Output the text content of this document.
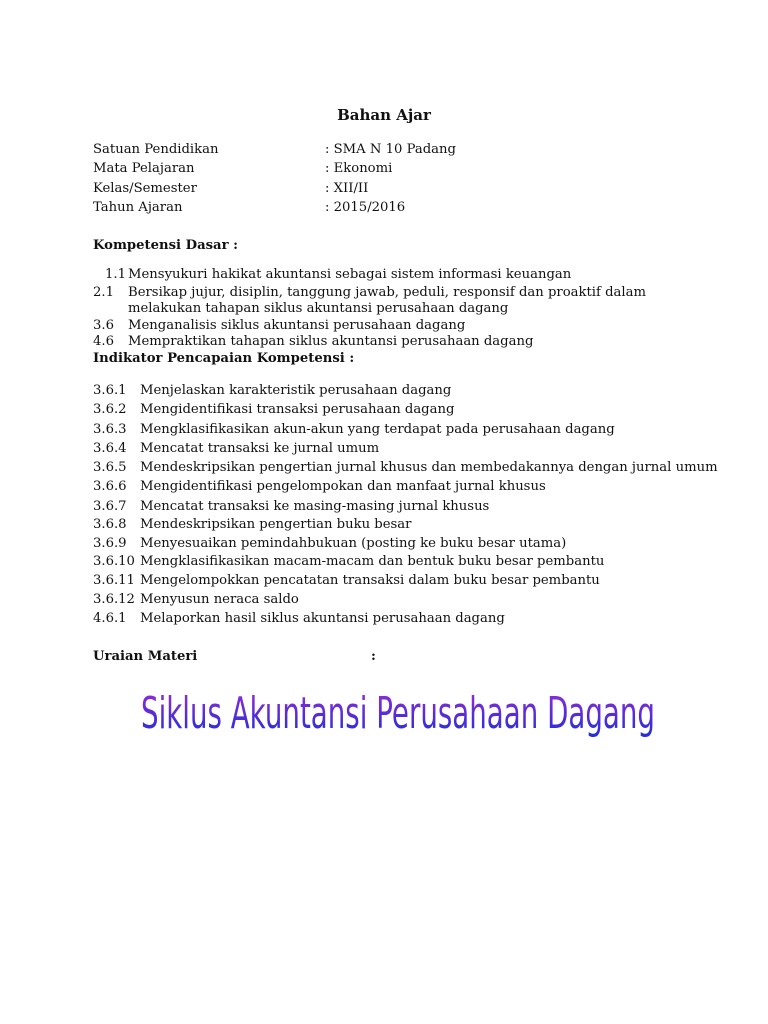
Bahan Ajar
Satuan Pendidikan	: SMA N 10 Padang
Mata Pelajaran	: Ekonomi
Kelas/Semester	: XII/II
Tahun Ajaran	: 2015/2016
Kompetensi Dasar :
1.1 Mensyukuri hakikat akuntansi sebagai sistem informasi keuangan
2.1 Bersikap jujur, disiplin, tanggung jawab, peduli, responsif dan proaktif dalam
melakukan tahapan siklus akuntansi perusahaan dagang
3.6 Menganalisis siklus akuntansi perusahaan dagang
4.6 Mempraktikan tahapan siklus akuntansi perusahaan dagang
Indikator Pencapaian Kompetensi :
3.6.1 Menjelaskan karakteristik perusahaan dagang
3.6.2 Mengidentifikasi transaksi perusahaan dagang
3.6.3 Mengklasifikasikan akun-akun yang terdapat pada perusahaan dagang
3.6.4 Mencatat transaksi ke jurnal umum
3.6.5 Mendeskripsikan pengertian jurnal khusus dan membedakannya dengan jurnal umum
3.6.6 Mengidentifikasi pengelompokan dan manfaat jurnal khusus
3.6.7 Mencatat transaksi ke masing-masing jurnal khusus
3.6.8 Mendeskripsikan pengertian buku besar
3.6.9 Menyesuaikan pemindahbukuan (posting ke buku besar utama)
3.6.10 Mengklasifikasikan macam-macam dan bentuk buku besar pembantu
3.6.11 Mengelompokkan pencatatan transaksi dalam buku besar pembantu
3.6.12 Menyusun neraca saldo
4.6.1 Melaporkan hasil siklus akuntansi perusahaan dagang
Uraian Materi	:
Siklus Akuntansi Perusahaan Dagang
